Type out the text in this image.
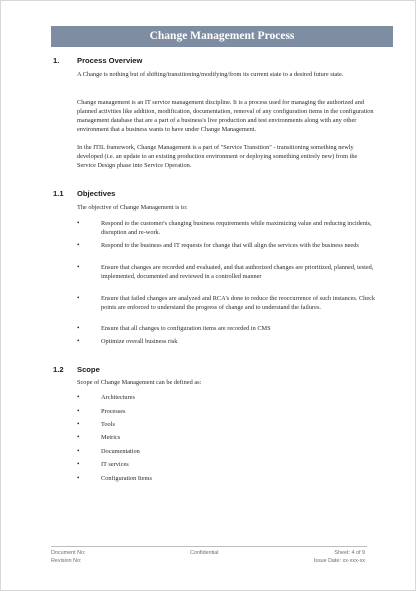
Change Management Process
1. Process Overview

A Change is nothing but of shifting/transitioning/modifying/from its current state to a desired future state.

Change management is an IT service management discipline. It is a process used for managing the authorized and planned activities like addition, modification, documentation, removal of any configuration items in the configuration management database that are a part of a business's live production and test environments along with any other environment that a business wants to have under Change Management.

In the ITIL framework, Change Management is a part of "Service Transition" - transitioning something newly developed (i.e. an update to an existing production environment or deploying something entirely new) from the Service Design phase into Service Operation.

1.1 Objectives

The objective of Change Management is to:

•	Respond to the customer's changing business requirements while maximizing value and reducing incidents, disruption and re-work.
•	Respond to the business and IT requests for change that will align the services with the business needs
•	Ensure that changes are recorded and evaluated, and that authorized changes are prioritized, planned, tested, implemented, documented and reviewed in a controlled manner
•	Ensure that failed changes are analyzed and RCA's done to reduce the reoccurrence of such instances. Check points are enforced to understand the progress of change and to understand the failures.
•	Ensure that all changes to configuration items are recorded in CMS
•	Optimize overall business risk
1.2 Scope

Scope of Change Management can be defined as:

•	Architectures
•	Processes
•	Tools
•	Metrics
•	Documentation
•	IT services
•	Configuration Items
Document No:
Revision No:
Confidential	Sheet: 4 of 9
Issue Date: xx-xxx-xx
